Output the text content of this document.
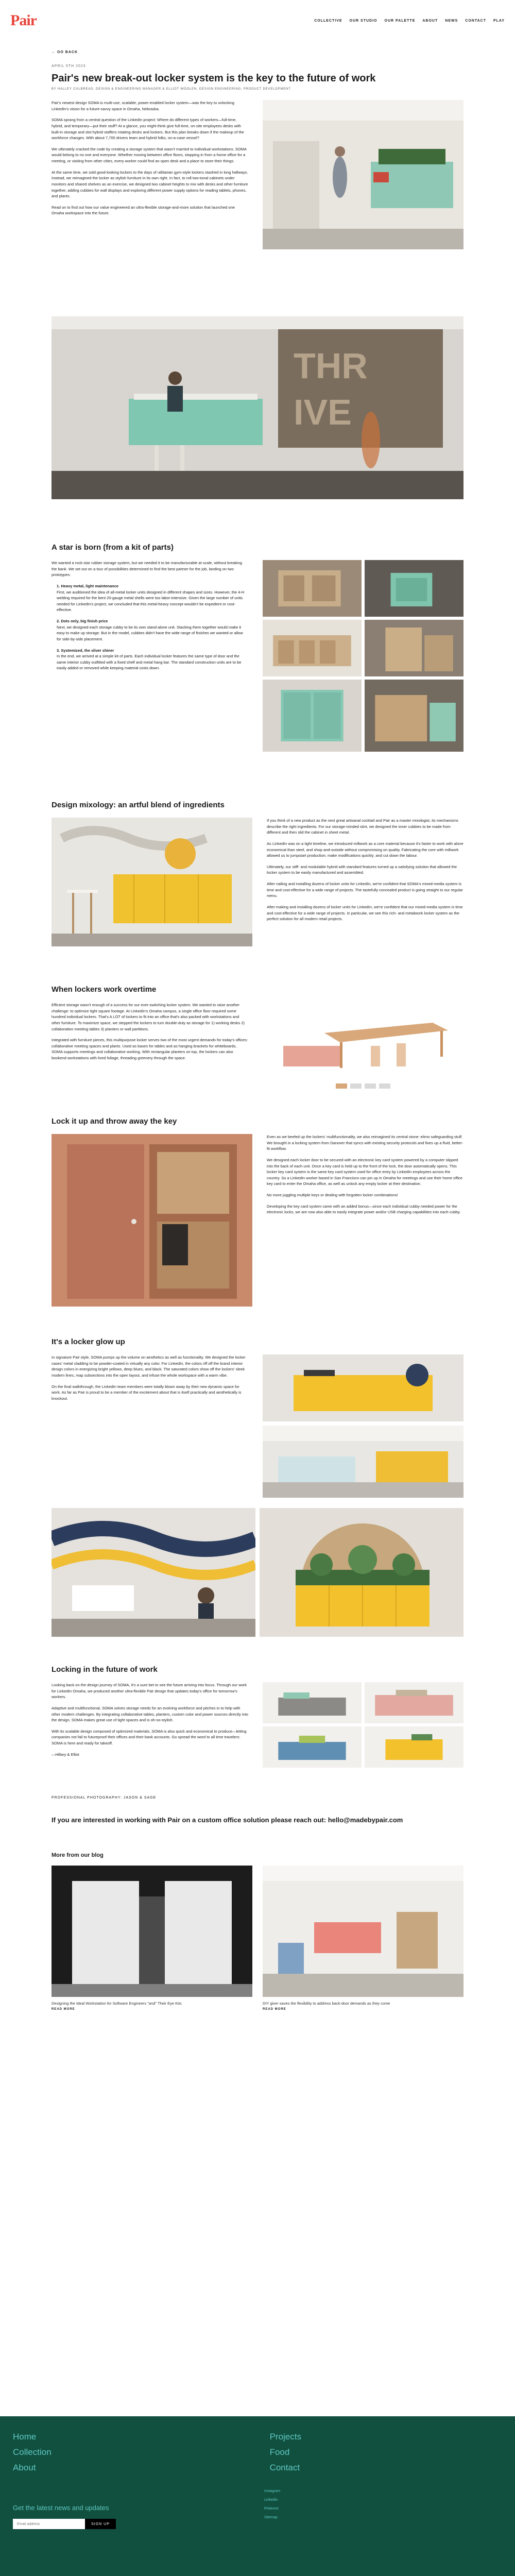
Pair	COLLECTIVE OUR STUDIO OUR PALETTE ABOUT NEWS CONTACT PLAY
← GO BACK
APRIL 5TH 2023
Pair's new break-out locker system is the key to the future of work
BY HALLEY CULBREAD, DESIGN & ENGINEERING MANAGER & ELLIOT WOOLEN, DESIGN ENGINEERING, PRODUCT DEVELOPMENT

Pair's newest design SOMA is multi-use, scalable, power-enabled locker system—was the key to unlocking LinkedIn's vision for a future-savvy space in Omaha, Nebraska.

SOMA sprang from a central question of the LinkedIn project: Where do different types of workers—full-time, hybrid, and temporary—put their stuff? At a glance, you might think give full-time, on-site employees desks with built-in storage and slot hybrid staffers rotating desks and lockers. But this plan breaks down if the makeup of the workforce changes. With about 7,700 drivers team and hybrid folks, on-a-case vessel?

We ultimately cracked the code by creating a storage system that wasn't married to individual workstations. SOMA would belong to no one and everyone. Whether moving between office floors, stopping in from a home office for a meeting, or visiting from other cities, every worker could find an open desk and a place to store their things.

At the same time, we sold good-looking lockers to the days of utilitarian gym-style lockers stashed in long hallways. Instead, we reimagined the locker as stylish furniture in its own right. In fact, to roll two-tonal cabinets under monitors and shared shelves as an exercise, we designed two cabinet heights to mix with desks and other furniture together, adding cubbies for wall displays and exploring different power supply options for reading tablets, phones, and plants.

Read on to find out how our value engineered an ultra-flexible storage-and-more solution that launched one Omaha workspace into the future.

THR
IVE
A star is born (from a kit of parts)

We wanted a rock-star rubber storage system, but we needed it to be manufacturable at scale, without breaking the bank. We set out on a tour of possibilities determined to find the best partner for the job, landing on two prototypes:

1. Heavy metal, light maintenance
First, we auditioned the idea of all-metal locker units designed in different shapes and sizes. However, the 4-H welding required for the bent 20-gauge metal shells were too labor-intensive. Given the large number of units needed for LinkedIn's project, we concluded that this metal-heavy concept wouldn't be expedient or cost-effective.
2. Dots only, big finish price
Next, we designed each storage cubby to be its own stand-alone unit. Stacking them together would make it easy to make up storage. But in the model, cubbies didn't have the wide range of finishes we wanted or allow for side-by-side placement.
3. Systemized, the sliver shiner
In the end, we arrived at a simple kit of parts. Each individual locker features the same type of door and the same interior cubby outfitted with a fixed shelf and metal hang bar. The standard construction units are to be easily added or removed while keeping material costs down.
Design mixology: an artful blend of ingredients

If you think of a new product as the next great artisanal cocktail and Pair as a master mixologist, its mechanisms describe the right ingredients. For our storage-minded stint, we designed the inner cubbies to be made from different and then slid the cabinet in sheet metal.

As LinkedIn was on a tight timeline, we introduced millwork as a core material because it's faster to work with alone economical than steel, and shop-and-outside without compromising on quality. Fabricating the core with millwork allowed us to jumpstart production; make modifications quickly; and cut down the labour.

Ultimately, our stiff- and modulable hybrid with standard features turned up a satisfying solution that allowed the locker system to be easily manufactured and assembled.

After nailing and installing dozens of locker units for LinkedIn, we're confident that SOMA's mixed-media system is time and cost-effective for a wide range of projects. The tastefully concealed product is going straight to our regular menu.

After making and installing dozens of locker units for LinkedIn, we're confident that our mixed-media system is time and cost-effective for a wide range of projects. In particular, we see this rich- and metalwork locker system as the perfect solution for all modern retail projects.

When lockers work overtime

Efficient storage wasn't enough of a success for our ever-switching locker system. We wanted to raise another challenge: to optimize tight square footage. At LinkedIn's Omaha campus, a single office floor required some hundred individual lockers. That's A LOT of lockers to fit into an office that's also packed with workstations and other furniture. To maximize space, we stepped the lockers to turn double-duty as storage for 1) working desks 2) collaboration meeting tables 3) planters or wall partitions.

Integrated with furniture pieces, this multipurpose locker serves two of the most urgent demands for today's offices: collaborative meeting spaces and plants. Used as bases for tables and as hanging brackets for whiteboards, SOMA supports meetings and collaborative working. With rectangular planters on top, the lockers can also bookend workstations with lived foliage, threading greenery through the space.

Lock it up and throw away the key

Even as we beefed up the lockers' multifunctionality, we also reimagined its central stone: elimo safeguarding stuff. We brought in a locking system from Danover that syncs with existing security protocols and fixes up a fluid, better-fit workflow.

We designed each locker door to be secured with an electronic key card system powered by a computer slipped into the back of each unit. Once a key card is held up to the front of the lock, the door automatically opens. This locker key card system is the same key card system used for office entry by LinkedIn employees across the country. So a LinkedIn worker based in San Francisco can pin up in Omaha for meetings and use their home office key card to enter the Omaha office, as well as unlock any empty locker at their destination.

No more juggling multiple keys or dealing with forgotten locker combinations!

Developing the key card system came with an added bonus—since each individual cubby needed power for the electronic locks, we are now also able to easily integrate power and/or USB charging capabilities into each cubby.

It's a locker glow up

In signature Pair style, SOMA pumps up the volume on aesthetics as well as functionality. We designed the locker cases' metal cladding to be powder-coated in virtually any color. For LinkedIn, the colors riff off the brand interior design colors in energizing bright yellows, deep blues, and black. The saturated colors show off the lockers' sleek modern lines, map subsections into the open layout, and infuse the whole workspace with a warm vibe.

On the final walkthrough, the LinkedIn team members were totally blown away by their new dynamic space for work. As far as Pair is proud to be a member of the excitement about that is itself practically and aesthetically is knockout.

Locking in the future of work

Looking back on the design journey of SOMA, it's a sure bet to see the future arriving into focus. Through our work for LinkedIn Omaha, we produced another ultra-flexible Pair design that updates today's office for tomorrow's workers.

Adaptive and multifunctional, SOMA solves storage needs for an evolving workforce and pitches in to help with other modern challenges. By integrating collaborative tables, planters, custom color and power sources directly into the design, SOMA makes great use of tight spaces and is oh-so-stylish.

With its scalable design composed of optimized materials, SOMA is also quick and economical to produce—letting companies not fail to futureproof their offices and their bank accounts. Go spread the word to all time travelers: SOMA is here and ready for takeoff.

—Hillary & Elliot

PROFESSIONAL PHOTOGRAPHY: JASON & SAGE
If you are interested in working with Pair on a custom office solution please reach out: hello@madebypair.com
More from our blog
Designing the Ideal Workstation for Software Engineers "and" Their Eye Kits
READ MORE
DIY giver saves the flexibility to address back-door demands as they come
READ MORE
Home
Collection
About
Projects
Food
Contact
Instagram
LinkedIn
Pinterest
Sitemap
Get the latest news and updates
Email address
SIGN UP
